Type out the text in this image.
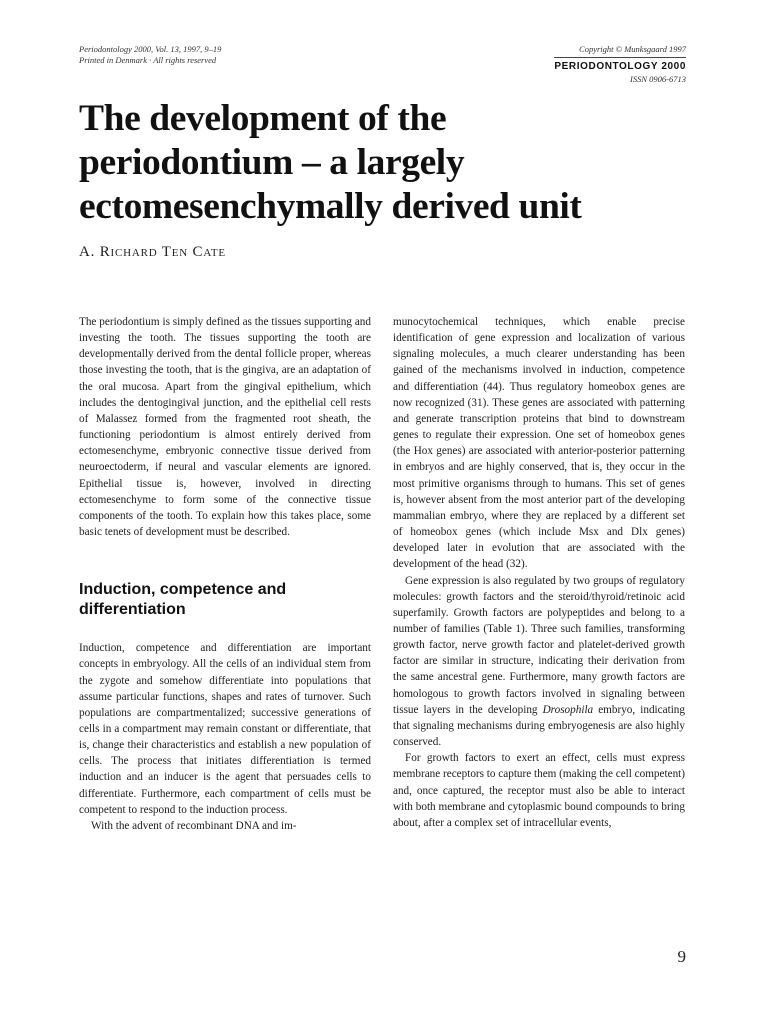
Periodontology 2000, Vol. 13, 1997, 9–19
Printed in Denmark · All rights reserved
Copyright © Munksgaard 1997
PERIODONTOLOGY 2000
ISSN 0906-6713
The development of the
periodontium – a largely
ectomesenchymally derived unit
A. Richard Ten Cate

The periodontium is simply defined as the tissues supporting and investing the tooth. The tissues supporting the tooth are developmentally derived from the dental follicle proper, whereas those investing the tooth, that is the gingiva, are an adaptation of the oral mucosa. Apart from the gingival epithelium, which includes the dentogingival junction, and the epithelial cell rests of Malassez formed from the fragmented root sheath, the functioning periodontium is almost entirely derived from ectomesenchyme, embryonic connective tissue derived from neuroectoderm, if neural and vascular elements are ignored. Epithelial tissue is, however, involved in directing ectomesenchyme to form some of the connective tissue components of the tooth. To explain how this takes place, some basic tenets of development must be described.

Induction, competence and differentiation

Induction, competence and differentiation are important concepts in embryology. All the cells of an individual stem from the zygote and somehow differentiate into populations that assume particular functions, shapes and rates of turnover. Such populations are compartmentalized; successive generations of cells in a compartment may remain constant or differentiate, that is, change their characteristics and establish a new population of cells. The process that initiates differentiation is termed induction and an inducer is the agent that persuades cells to differentiate. Furthermore, each compartment of cells must be competent to respond to the induction process.

With the advent of recombinant DNA and im-

munocytochemical techniques, which enable precise identification of gene expression and localization of various signaling molecules, a much clearer understanding has been gained of the mechanisms involved in induction, competence and differentiation (44). Thus regulatory homeobox genes are now recognized (31). These genes are associated with patterning and generate transcription proteins that bind to downstream genes to regulate their expression. One set of homeobox genes (the Hox genes) are associated with anterior-posterior patterning in embryos and are highly conserved, that is, they occur in the most primitive organisms through to humans. This set of genes is, however absent from the most anterior part of the developing mammalian embryo, where they are replaced by a different set of homeobox genes (which include Msx and Dlx genes) developed later in evolution that are associated with the development of the head (32).

Gene expression is also regulated by two groups of regulatory molecules: growth factors and the steroid/thyroid/retinoic acid superfamily. Growth factors are polypeptides and belong to a number of families (Table 1). Three such families, transforming growth factor, nerve growth factor and platelet-derived growth factor are similar in structure, indicating their derivation from the same ancestral gene. Furthermore, many growth factors are homologous to growth factors involved in signaling between tissue layers in the developing Drosophila embryo, indicating that signaling mechanisms during embryogenesis are also highly conserved.

For growth factors to exert an effect, cells must express membrane receptors to capture them (making the cell competent) and, once captured, the receptor must also be able to interact with both membrane and cytoplasmic bound compounds to bring about, after a complex set of intracellular events,

9
